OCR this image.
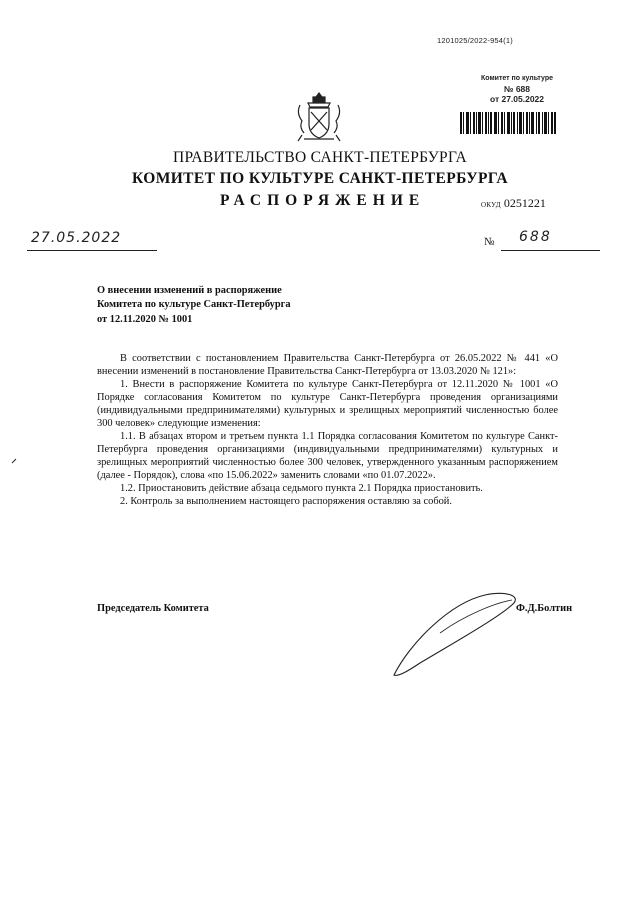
1201025/2022-954(1)
Комитет по культуре
№ 688
от 27.05.2022
ПРАВИТЕЛЬСТВО САНКТ-ПЕТЕРБУРГА
КОМИТЕТ ПО КУЛЬТУРЕ САНКТ-ПЕТЕРБУРГА
РАСПОРЯЖЕНИЕ	ОКУД 0251221
27.05.2022	№ 688
О внесении изменений в распоряжение
Комитета по культуре Санкт-Петербурга
от 12.11.2020 № 1001

В соответствии с постановлением Правительства Санкт-Петербурга от 26.05.2022 № 441 «О внесении изменений в постановление Правительства Санкт-Петербурга от 13.03.2020 № 121»:

1. Внести в распоряжение Комитета по культуре Санкт-Петербурга от 12.11.2020 № 1001 «О Порядке согласования Комитетом по культуре Санкт-Петербурга проведения организациями (индивидуальными предпринимателями) культурных и зрелищных мероприятий численностью более 300 человек» следующие изменения:

1.1. В абзацах втором и третьем пункта 1.1 Порядка согласования Комитетом по культуре Санкт-Петербурга проведения организациями (индивидуальными предпринимателями) культурных и зрелищных мероприятий численностью более 300 человек, утвержденного указанным распоряжением (далее - Порядок), слова «по 15.06.2022» заменить словами «по 01.07.2022».

1.2. Приостановить действие абзаца седьмого пункта 2.1 Порядка приостановить.

2. Контроль за выполнением настоящего распоряжения оставляю за собой.

Председатель Комитета	Ф.Д.Болтин
